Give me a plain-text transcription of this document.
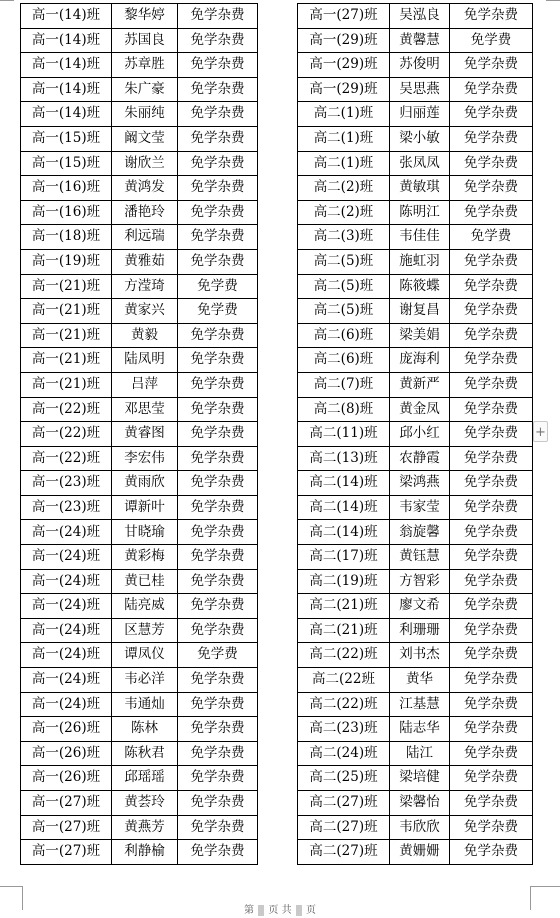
高一(14)班	黎华婷	免学杂费
高一(14)班	苏国良	免学杂费
高一(14)班	苏章胜	免学杂费
高一(14)班	朱广豪	免学杂费
高一(14)班	朱丽纯	免学杂费
高一(15)班	阚文莹	免学杂费
高一(15)班	谢欣兰	免学杂费
高一(16)班	黄鸿发	免学杂费
高一(16)班	潘艳玲	免学杂费
高一(18)班	利远瑞	免学杂费
高一(19)班	黄雅茹	免学杂费
高一(21)班	方滢琦	免学费
高一(21)班	黄家兴	免学费
高一(21)班	黄毅	免学杂费
高一(21)班	陆凤明	免学杂费
高一(21)班	吕萍	免学杂费
高一(22)班	邓思莹	免学杂费
高一(22)班	黄睿图	免学杂费
高一(22)班	李宏伟	免学杂费
高一(23)班	黄雨欣	免学杂费
高一(23)班	谭新叶	免学杂费
高一(24)班	甘晓瑜	免学杂费
高一(24)班	黄彩梅	免学杂费
高一(24)班	黄已桂	免学杂费
高一(24)班	陆亮威	免学杂费
高一(24)班	区慧芳	免学杂费
高一(24)班	谭凤仪	免学费
高一(24)班	韦必洋	免学杂费
高一(24)班	韦通灿	免学杂费
高一(26)班	陈林	免学杂费
高一(26)班	陈秋君	免学杂费
高一(26)班	邱瑶瑶	免学杂费
高一(27)班	黄荟玲	免学杂费
高一(27)班	黄燕芳	免学杂费
高一(27)班	利静榆	免学杂费
高一(27)班	吴泓良	免学杂费
高一(29)班	黄馨慧	免学费
高一(29)班	苏俊明	免学杂费
高一(29)班	吴思燕	免学杂费
高二(1)班	归丽莲	免学杂费
高二(1)班	梁小敏	免学杂费
高二(1)班	张凤凤	免学杂费
高二(2)班	黄敏琪	免学杂费
高二(2)班	陈明江	免学杂费
高二(3)班	韦佳佳	免学费
高二(5)班	施虹羽	免学杂费
高二(5)班	陈筱蝶	免学杂费
高二(5)班	谢复昌	免学杂费
高二(6)班	梁美娟	免学杂费
高二(6)班	庞海利	免学杂费
高二(7)班	黄新严	免学杂费
高二(8)班	黄金凤	免学杂费
高二(11)班	邱小红	免学杂费
高二(13)班	农静霞	免学杂费
高二(14)班	梁鸿燕	免学杂费
高二(14)班	韦家莹	免学杂费
高二(14)班	翁旋馨	免学杂费
高二(17)班	黄钰慧	免学杂费
高二(19)班	方智彩	免学杂费
高二(21)班	廖文希	免学杂费
高二(21)班	利珊珊	免学杂费
高二(22)班	刘书杰	免学杂费
高二(22班	黄华	免学杂费
高二(22)班	江基慧	免学杂费
高二(23)班	陆志华	免学杂费
高二(24)班	陆江	免学杂费
高二(25)班	梁培健	免学杂费
高二(27)班	梁馨怡	免学杂费
高二(27)班	韦欣欣	免学杂费
高二(27)班	黄姗姗	免学杂费
+
第 页 共 页
